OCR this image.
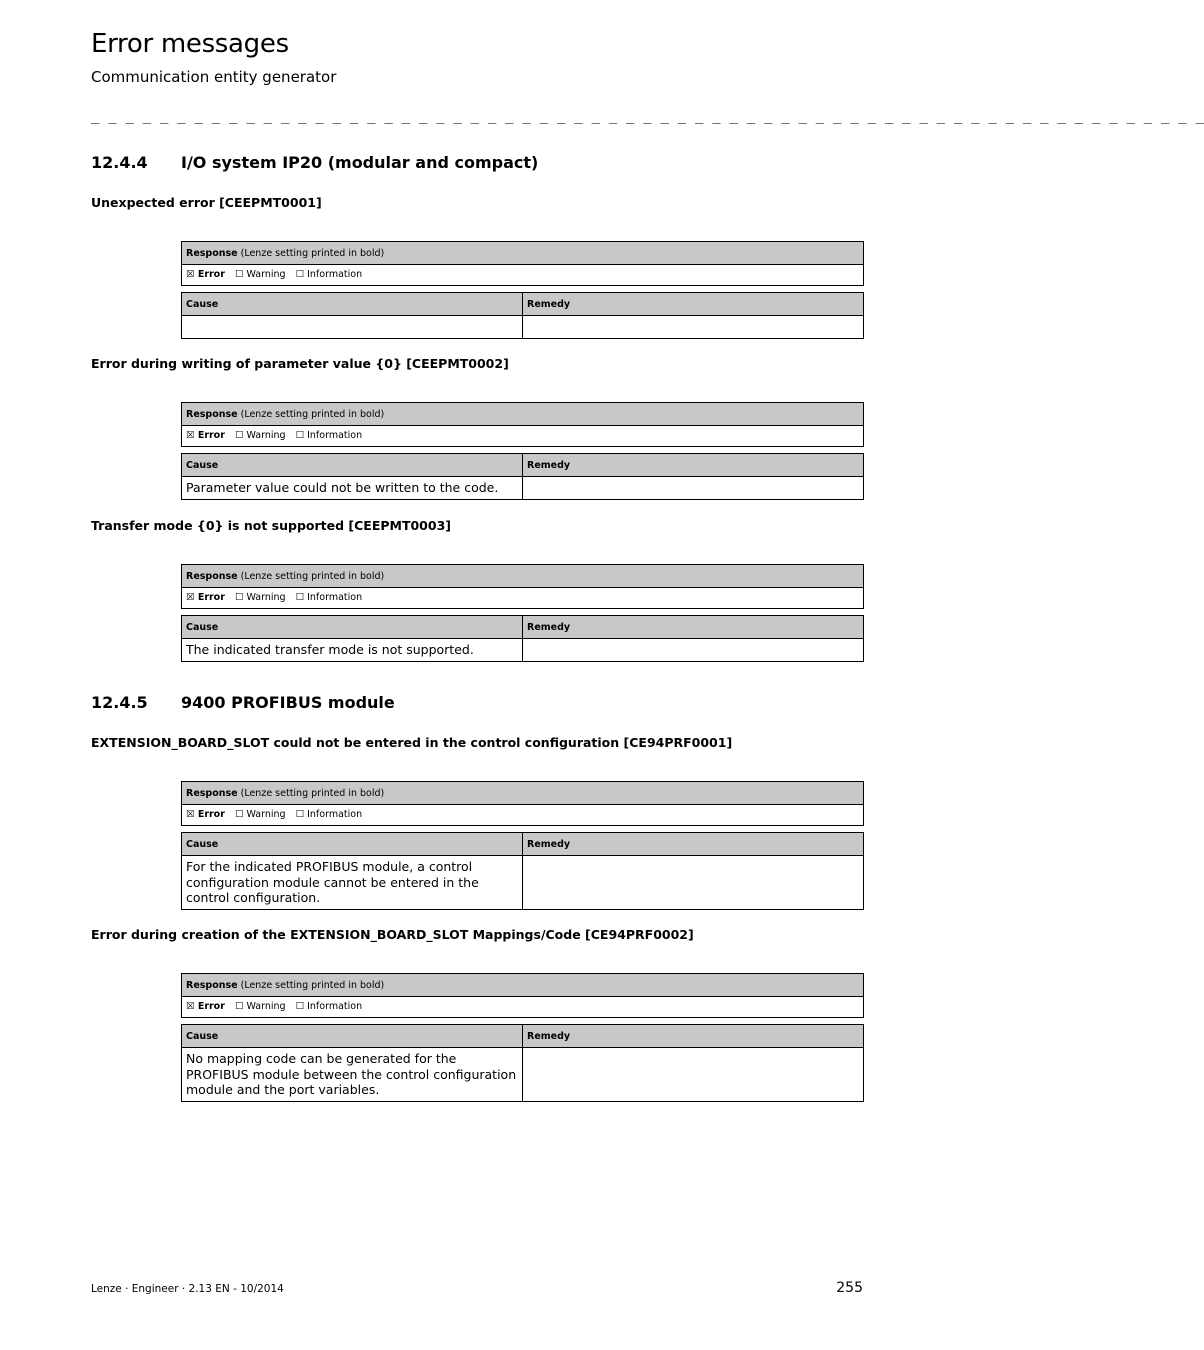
Error messages
Communication entity generator
_ _ _ _ _ _ _ _ _ _ _ _ _ _ _ _ _ _ _ _ _ _ _ _ _ _ _ _ _ _ _ _ _ _ _ _ _ _ _ _ _ _ _ _ _ _ _ _ _ _ _ _ _ _ _ _ _ _ _ _ _ _ _ _ _
12.4.4 I/O system IP20 (modular and compact)
Unexpected error [CEEPMT0001]
Response (Lenze setting printed in bold)
☒ Error ☐ Warning ☐ Information
Cause	Remedy
Error during writing of parameter value {0} [CEEPMT0002]
Response (Lenze setting printed in bold)
☒ Error ☐ Warning ☐ Information
Cause	Remedy
Parameter value could not be written to the code.
Transfer mode {0} is not supported [CEEPMT0003]
Response (Lenze setting printed in bold)
☒ Error ☐ Warning ☐ Information
Cause	Remedy
The indicated transfer mode is not supported.
12.4.5 9400 PROFIBUS module
EXTENSION_BOARD_SLOT could not be entered in the control configuration [CE94PRF0001]
Response (Lenze setting printed in bold)
☒ Error ☐ Warning ☐ Information
Cause	Remedy
For the indicated PROFIBUS module, a control configuration module cannot be entered in the control configuration.
Error during creation of the EXTENSION_BOARD_SLOT Mappings/Code [CE94PRF0002]
Response (Lenze setting printed in bold)
☒ Error ☐ Warning ☐ Information
Cause	Remedy
No mapping code can be generated for the PROFIBUS module between the control configuration module and the port variables.
Lenze · Engineer · 2.13 EN - 10/2014	255
